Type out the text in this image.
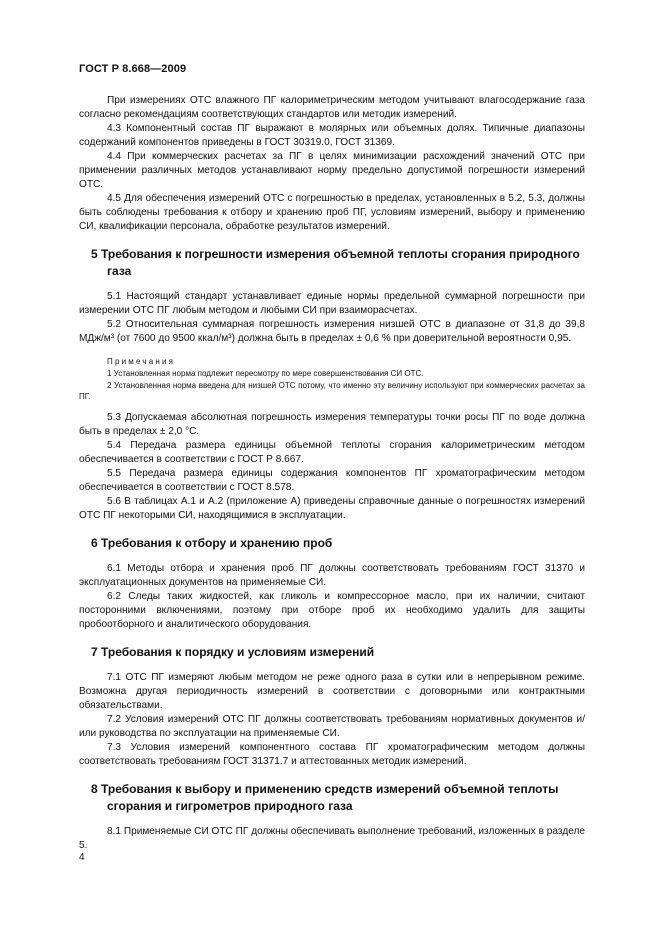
ГОСТ Р 8.668—2009

При измерениях ОТС влажного ПГ калориметрическим методом учитывают влагосодержание газа согласно рекомендациям соответствующих стандартов или методик измерений.

4.3 Компонентный состав ПГ выражают в молярных или объемных долях. Типичные диапазоны содержаний компонентов приведены в ГОСТ 30319.0, ГОСТ 31369.

4.4 При коммерческих расчетах за ПГ в целях минимизации расхождений значений ОТС при применении различных методов устанавливают норму предельно допустимой погрешности измерений ОТС.

4.5 Для обеспечения измерений ОТС с погрешностью в пределах, установленных в 5.2, 5.3, должны быть соблюдены требования к отбору и хранению проб ПГ, условиям измерений, выбору и применению СИ, квалификации персонала, обработке результатов измерений.

5 Требования к погрешности измерения объемной теплоты сгорания природного газа

5.1 Настоящий стандарт устанавливает единые нормы предельной суммарной погрешности при измерении ОТС ПГ любым методом и любыми СИ при взаиморасчетах.

5.2 Относительная суммарная погрешность измерения низшей ОТС в диапазоне от 31,8 до 39,8 МДж/м³ (от 7600 до 9500 ккал/м³) должна быть в пределах ± 0,6 % при доверительной вероятности 0,95.

Примечания

1 Установленная норма подлежит пересмотру по мере совершенствования СИ ОТС.

2 Установленная норма введена для низшей ОТС потому, что именно эту величину используют при коммерческих расчетах за ПГ.

5.3 Допускаемая абсолютная погрешность измерения температуры точки росы ПГ по воде должна быть в пределах ± 2,0 °С.

5.4 Передача размера единицы объемной теплоты сгорания калориметрическим методом обеспечивается в соответствии с ГОСТ Р 8.667.

5.5 Передача размера единицы содержания компонентов ПГ хроматографическим методом обеспечивается в соответствии с ГОСТ 8.578.

5.6 В таблицах А.1 и А.2 (приложение А) приведены справочные данные о погрешностях измерений ОТС ПГ некоторыми СИ, находящимися в эксплуатации.

6 Требования к отбору и хранению проб

6.1 Методы отбора и хранения проб ПГ должны соответствовать требованиям ГОСТ 31370 и эксплуатационных документов на применяемые СИ.

6.2 Следы таких жидкостей, как гликоль и компрессорное масло, при их наличии, считают посторонними включениями, поэтому при отборе проб их необходимо удалить для защиты пробоотборного и аналитического оборудования.

7 Требования к порядку и условиям измерений

7.1 ОТС ПГ измеряют любым методом не реже одного раза в сутки или в непрерывном режиме. Возможна другая периодичность измерений в соответствии с договорными или контрактными обязательствами.

7.2 Условия измерений ОТС ПГ должны соответствовать требованиям нормативных документов и/или руководства по эксплуатации на применяемые СИ.

7.3 Условия измерений компонентного состава ПГ хроматографическим методом должны соответствовать требованиям ГОСТ 31371.7 и аттестованных методик измерений.

8 Требования к выбору и применению средств измерений объемной теплоты сгорания и гигрометров природного газа

8.1 Применяемые СИ ОТС ПГ должны обеспечивать выполнение требований, изложенных в разделе 5.

4
